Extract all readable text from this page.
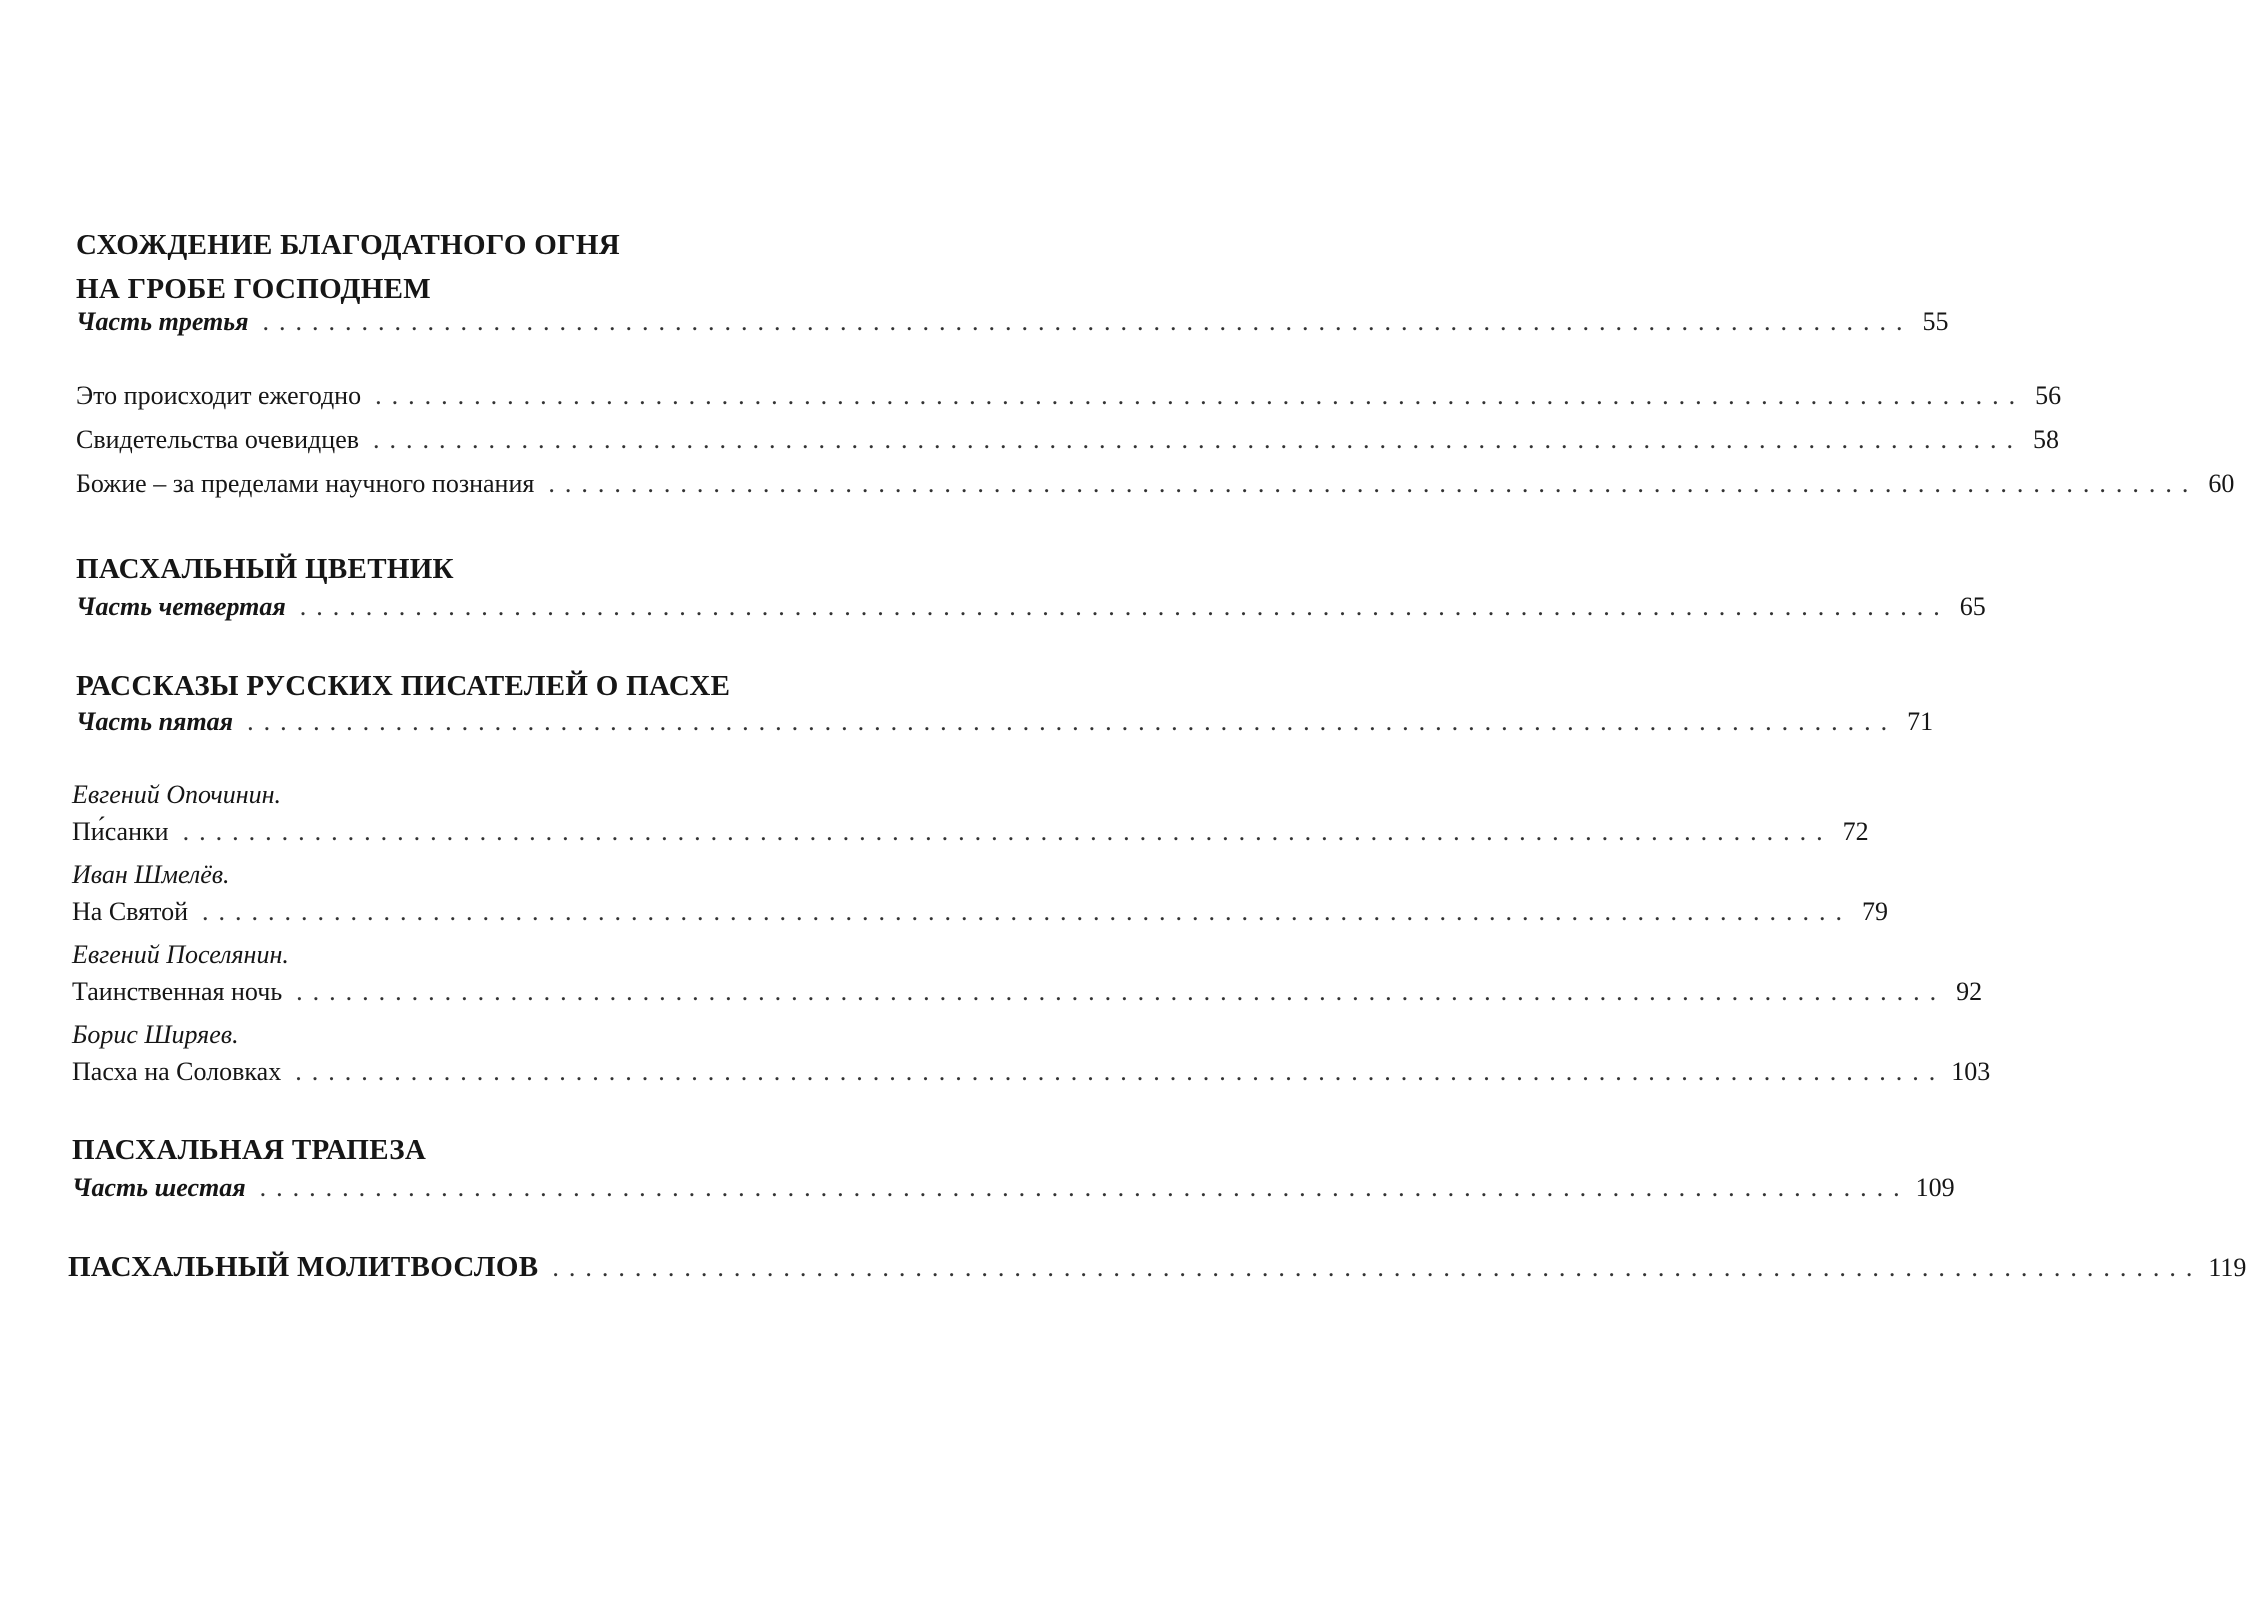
СХОЖДЕНИЕ БЛАГОДАТНОГО ОГНЯ
НА ГРОБЕ ГОСПОДНЕМ
Часть третья .................................................................................................... 55
Это происходит ежегодно .................................................................................................... 56
Свидетельства очевидцев .................................................................................................... 58
Божие – за пределами научного познания .................................................................................................... 60
ПАСХАЛЬНЫЙ ЦВЕТНИК
Часть четвертая .................................................................................................... 65
РАССКАЗЫ РУССКИХ ПИСАТЕЛЕЙ О ПАСХЕ
Часть пятая .................................................................................................... 71
Евгений Опочинин.
Пи́санки .................................................................................................... 72
Иван Шмелёв.
На Святой .................................................................................................... 79
Евгений Поселянин.
Таинственная ночь .................................................................................................... 92
Борис Ширяев.
Пасха на Соловках .................................................................................................... 103
ПАСХАЛЬНАЯ ТРАПЕЗА
Часть шестая .................................................................................................... 109
ПАСХАЛЬНЫЙ МОЛИТВОСЛОВ .................................................................................................... 119
